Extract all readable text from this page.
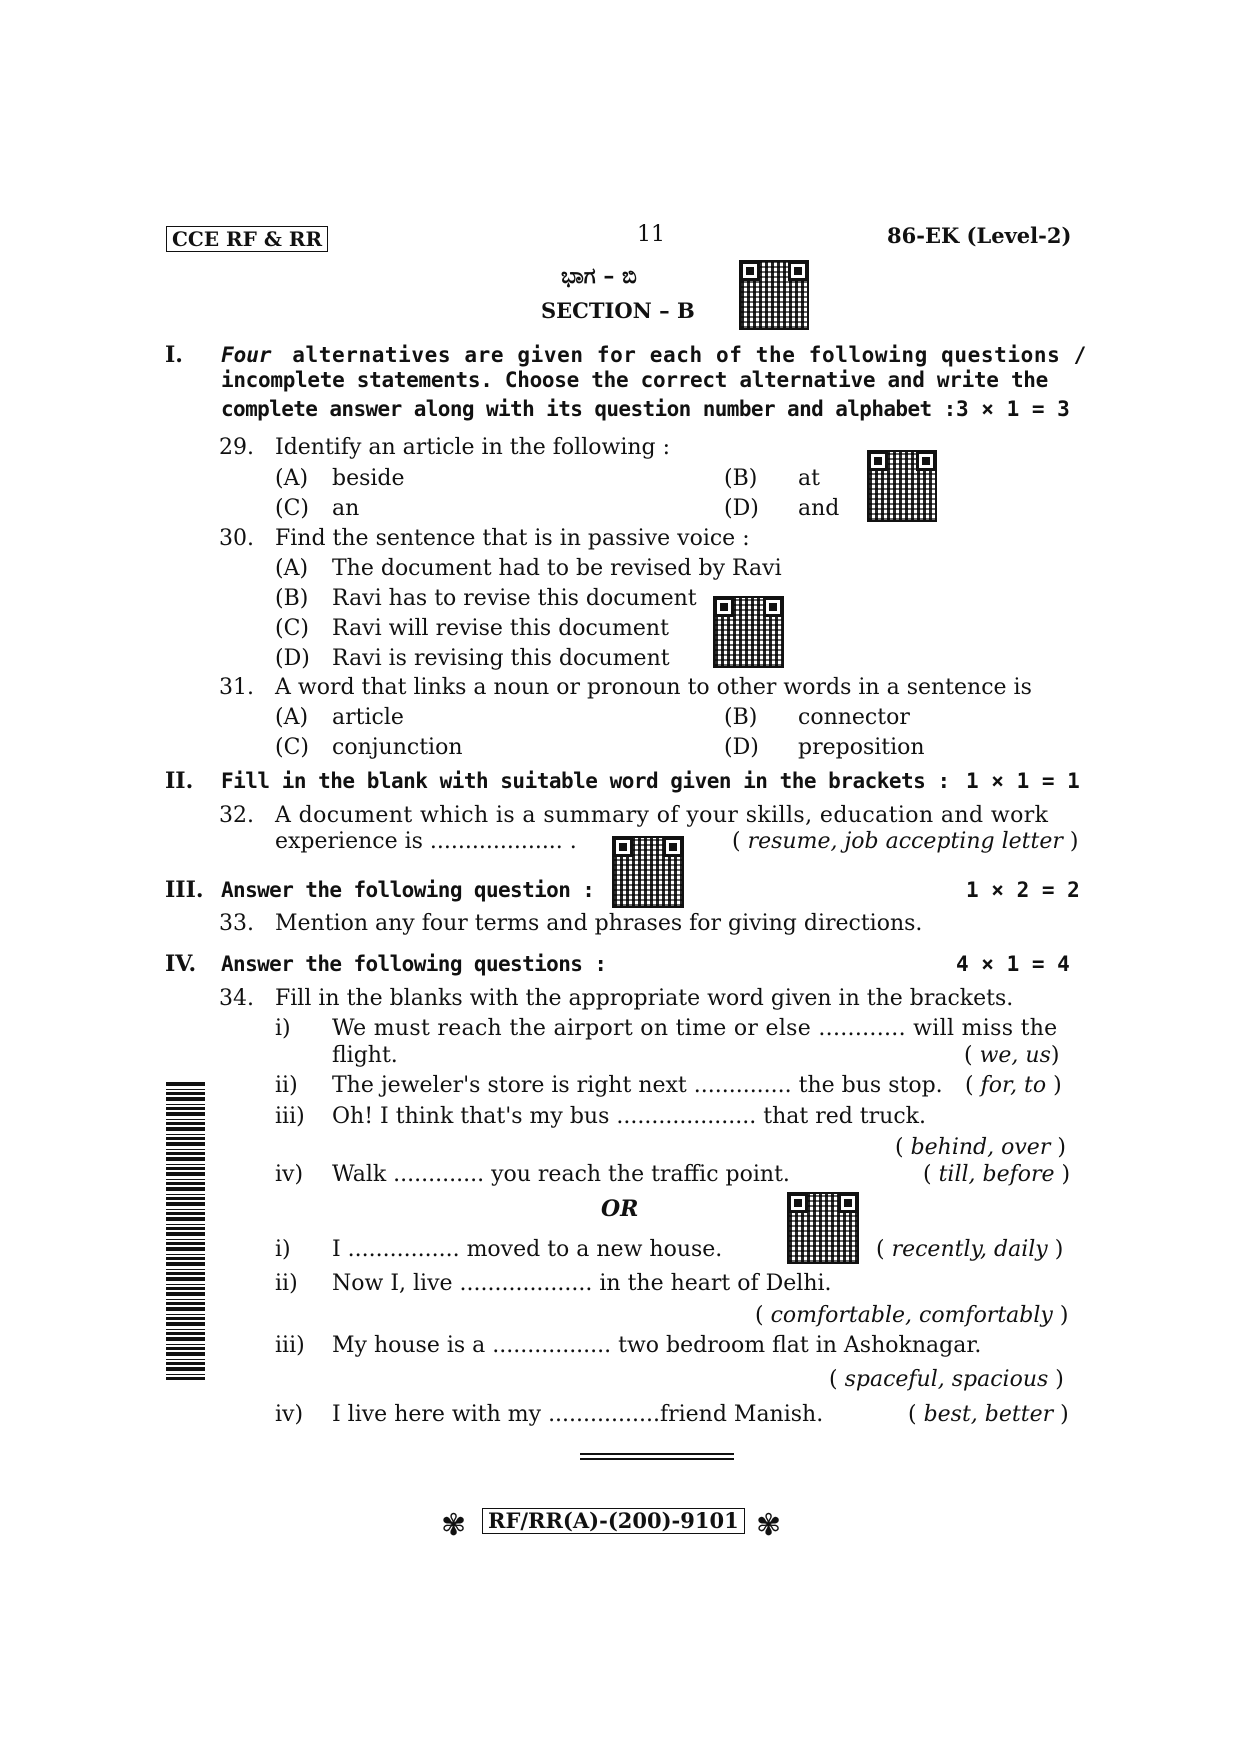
CCE RF & RR	11	86-EK (Level-2)
ಭಾಗ – ಬಿ
SECTION – B
I. Four alternatives are given for each of the following questions /
incomplete statements. Choose the correct alternative and write the
complete answer along with its question number and alphabet : 3 × 1 = 3
29. Identify an article in the following :
(A) beside	(B) at
(C) an	(D) and
30. Find the sentence that is in passive voice :
(A) The document had to be revised by Ravi
(B) Ravi has to revise this document
(C) Ravi will revise this document
(D) Ravi is revising this document
31. A word that links a noun or pronoun to other words in a sentence is
(A) article	(B) connector
(C) conjunction	(D) preposition
II. Fill in the blank with suitable word given in the brackets : 1 × 1 = 1
32. A document which is a summary of your skills, education and work
experience is ................... .	( resume, job accepting letter )
III. Answer the following question :	1 × 2 = 2
33. Mention any four terms and phrases for giving directions.
IV. Answer the following questions :	4 × 1 = 4
34. Fill in the blanks with the appropriate word given in the brackets.
i) We must reach the airport on time or else ............ will miss the
flight.	( we, us)
ii) The jeweler's store is right next .............. the bus stop. ( for, to )
iii) Oh! I think that's my bus .................... that red truck.
( behind, over )
iv) Walk ............. you reach the traffic point.	( till, before )
OR
i) I ................ moved to a new house.	( recently, daily )
ii) Now I, live ................... in the heart of Delhi.
( comfortable, comfortably )
iii) My house is a ................. two bedroom flat in Ashoknagar.
( spaceful, spacious )
iv) I live here with my ................friend Manish.	( best, better )
✾ RF/RR(A)-(200)-9101 ✾
